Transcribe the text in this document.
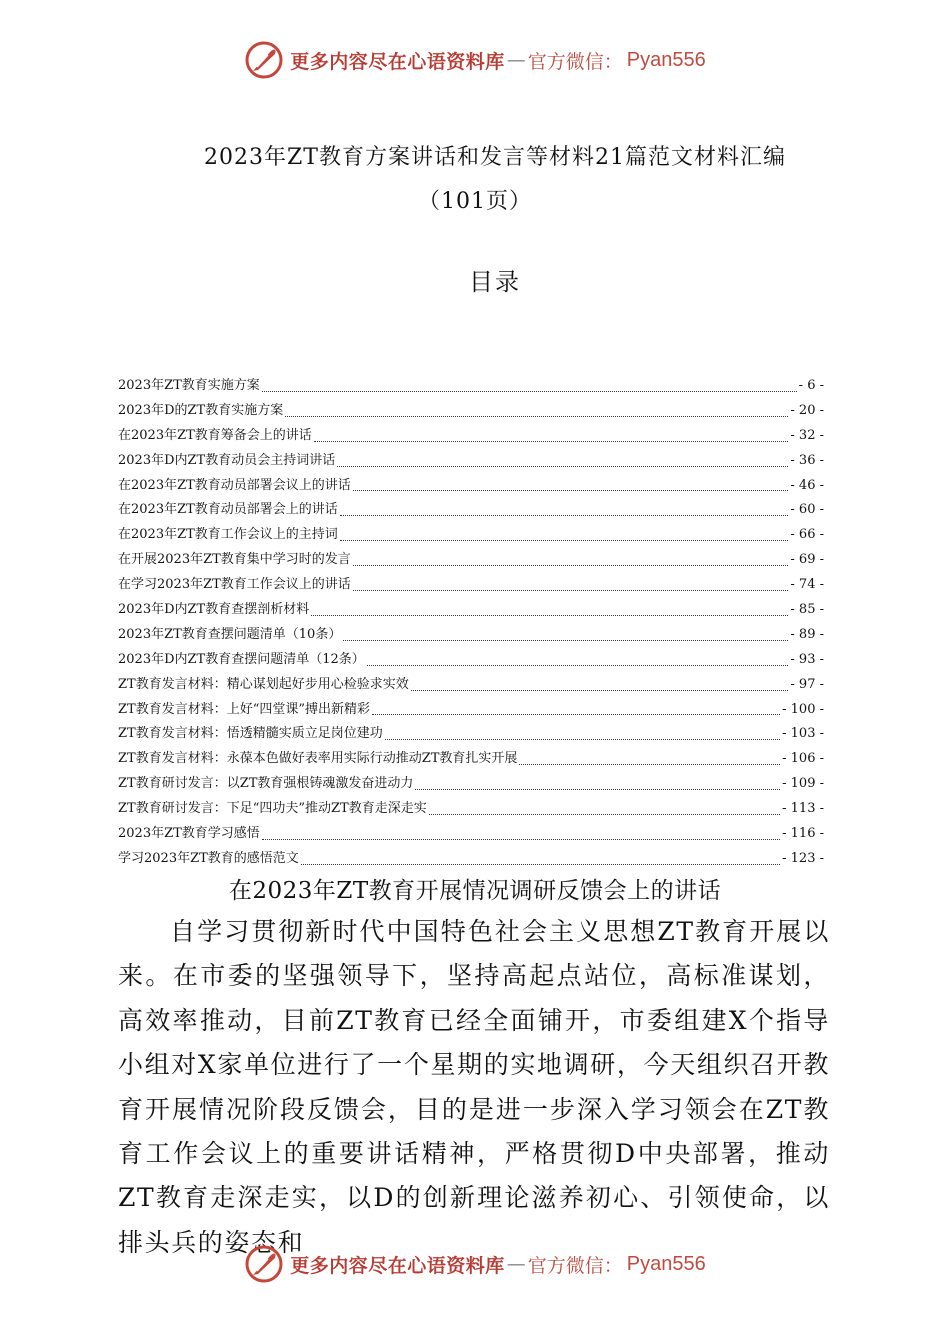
更多内容尽在心语资料库 — 官方微信： Pyan556
2023年ZT教育方案讲话和发言等材料21篇范文材料汇编
（101页）
目录
2023年ZT教育实施方案	- 6 -
2023年D的ZT教育实施方案	- 20 -
在2023年ZT教育筹备会上的讲话	- 32 -
2023年D内ZT教育动员会主持词讲话	- 36 -
在2023年ZT教育动员部署会议上的讲话	- 46 -
在2023年ZT教育动员部署会上的讲话	- 60 -
在2023年ZT教育工作会议上的主持词	- 66 -
在开展2023年ZT教育集中学习时的发言	- 69 -
在学习2023年ZT教育工作会议上的讲话	- 74 -
2023年D内ZT教育查摆剖析材料	- 85 -
2023年ZT教育查摆问题清单（10条）	- 89 -
2023年D内ZT教育查摆问题清单（12条）	- 93 -
ZT教育发言材料：精心谋划起好步用心检验求实效	- 97 -
ZT教育发言材料：上好“四堂课”搏出新精彩	- 100 -
ZT教育发言材料：悟透精髓实质立足岗位建功	- 103 -
ZT教育发言材料：永葆本色做好表率用实际行动推动ZT教育扎实开展	- 106 -
ZT教育研讨发言：以ZT教育强根铸魂激发奋进动力	- 109 -
ZT教育研讨发言：下足“四功夫”推动ZT教育走深走实	- 113 -
2023年ZT教育学习感悟	- 116 -
学习2023年ZT教育的感悟范文	- 123 -
在2023年ZT教育开展情况调研反馈会上的讲话

自学习贯彻新时代中国特色社会主义思想ZT教育开展以来。在市委的坚强领导下，坚持高起点站位，高标准谋划，高效率推动，目前ZT教育已经全面铺开，市委组建X个指导小组对X家单位进行了一个星期的实地调研，今天组织召开教育开展情况阶段反馈会，目的是进一步深入学习领会在ZT教育工作会议上的重要讲话精神，严格贯彻D中央部署，推动ZT教育走深走实，以D的创新理论滋养初心、引领使命，以排头兵的姿态和

更多内容尽在心语资料库 — 官方微信： Pyan556
